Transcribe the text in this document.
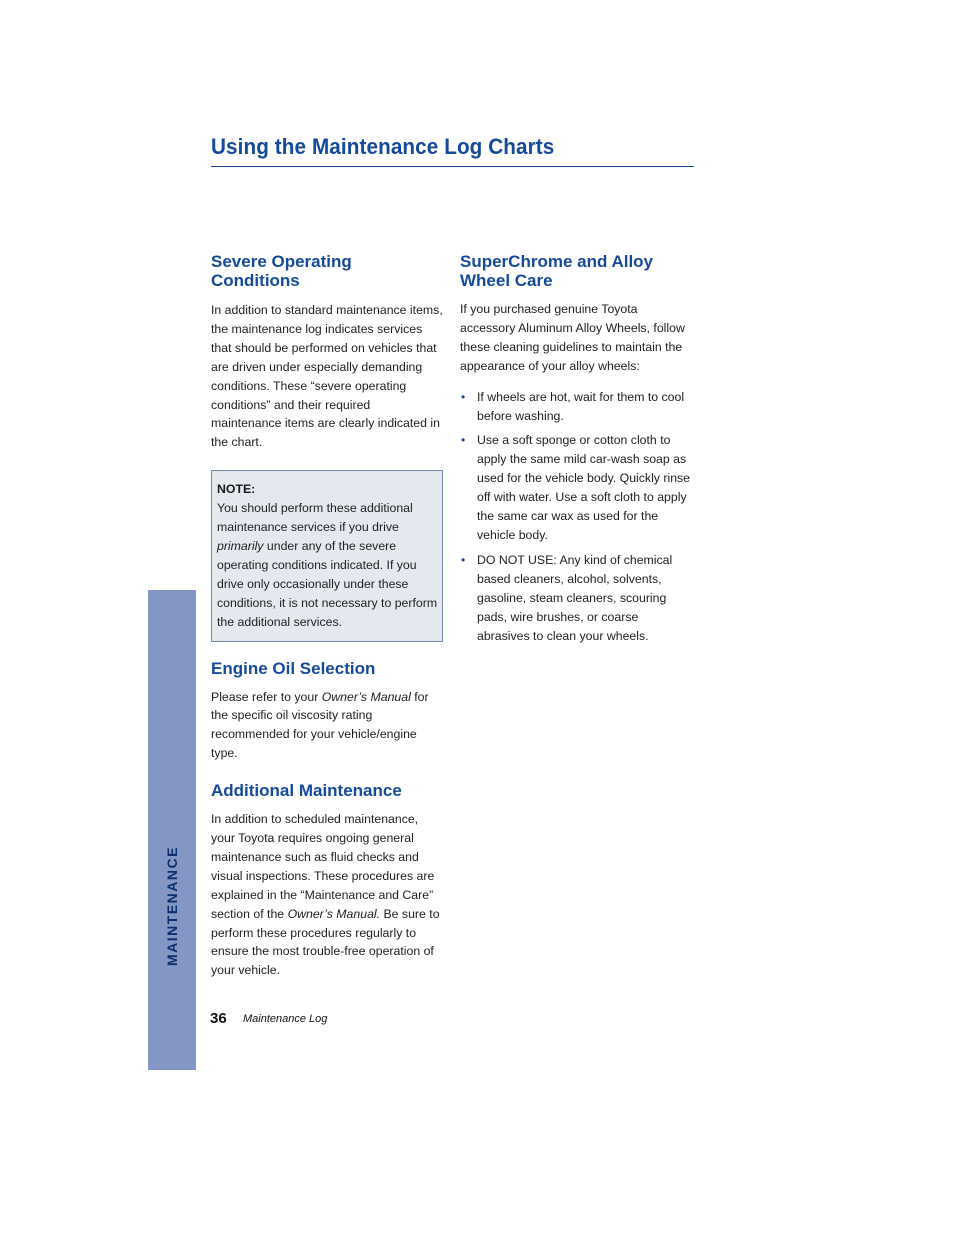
MAINTENANCE
Using the Maintenance Log Charts
Severe Operating Conditions

In addition to standard maintenance items, the maintenance log indicates services that should be performed on vehicles that are driven under especially demanding conditions. These “severe operating conditions” and their required maintenance items are clearly indicated in the chart.

NOTE:

You should perform these additional maintenance services if you drive primarily under any of the severe operating conditions indicated. If you drive only occasionally under these conditions, it is not necessary to perform the additional services.

Engine Oil Selection

Please refer to your Owner’s Manual for the specific oil viscosity rating recommended for your vehicle/engine type.

Additional Maintenance

In addition to scheduled maintenance, your Toyota requires ongoing general maintenance such as fluid checks and visual inspections. These procedures are explained in the “Maintenance and Care” section of the Owner’s Manual. Be sure to perform these procedures regularly to ensure the most trouble-free operation of your vehicle.

SuperChrome and Alloy Wheel Care

If you purchased genuine Toyota accessory Aluminum Alloy Wheels, follow these cleaning guidelines to maintain the appearance of your alloy wheels:

• If wheels are hot, wait for them to cool before washing.

• Use a soft sponge or cotton cloth to apply the same mild car-wash soap as used for the vehicle body. Quickly rinse off with water. Use a soft cloth to apply the same car wax as used for the vehicle body.

• DO NOT USE: Any kind of chemical based cleaners, alcohol, solvents, gasoline, steam cleaners, scouring pads, wire brushes, or coarse abrasives to clean your wheels.

36 Maintenance Log
